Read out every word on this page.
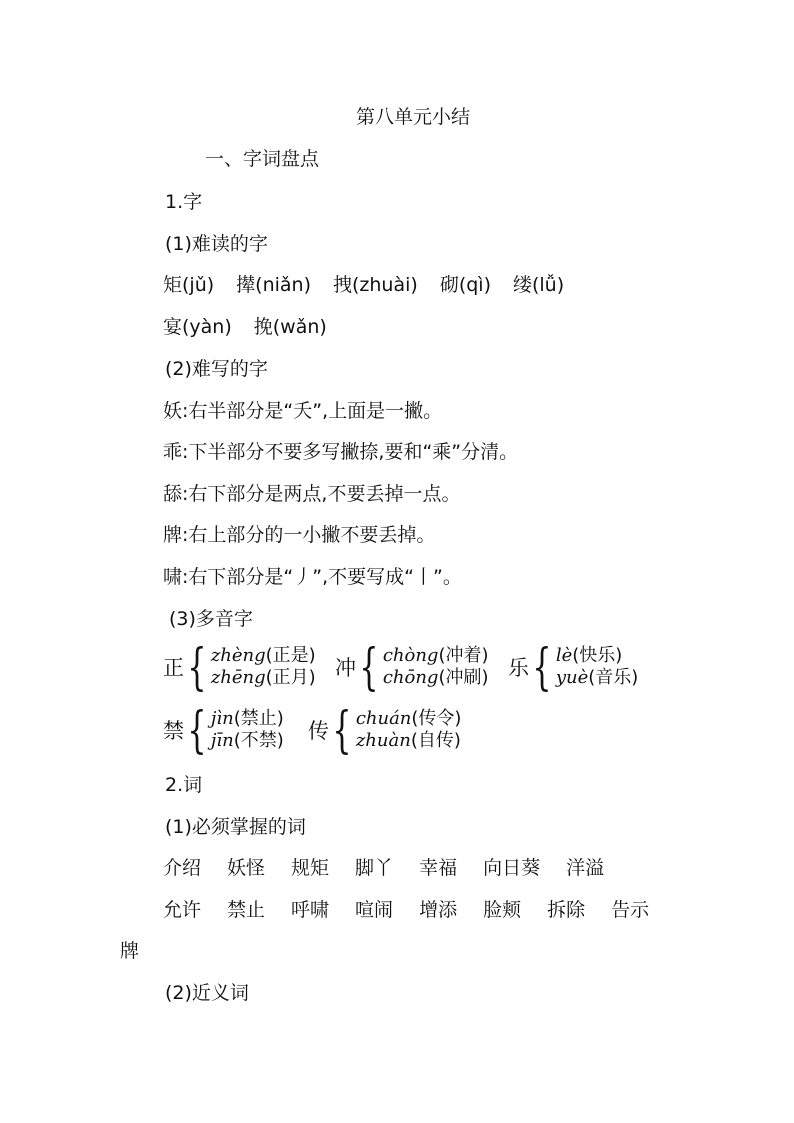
第八单元小结
一、字词盘点
1.字
(1)难读的字
矩(jǔ) 撵(niǎn) 拽(zhuài) 砌(qì) 缕(lǚ)
宴(yàn) 挽(wǎn)
(2)难写的字
妖:右半部分是“夭”,上面是一撇。
乖:下半部分不要多写撇捺,要和“乘”分清。
舔:右下部分是两点,不要丢掉一点。
牌:右上部分的一小撇不要丢掉。
啸:右下部分是“丿”,不要写成“丨”。
(3)多音字
正 { zhèng(正是)
zhēng(正月) 冲 { chòng(冲着)
chōng(冲刷) 乐 { lè(快乐)
yuè(音乐)
禁 { jìn(禁止)
jīn(不禁) 传 { chuán(传令)
zhuàn(自传)
2.词
(1)必须掌握的词
介绍 妖怪 规矩 脚丫 幸福 向日葵 洋溢
允许 禁止 呼啸 喧闹 增添 脸颊 拆除 告示
牌
(2)近义词
